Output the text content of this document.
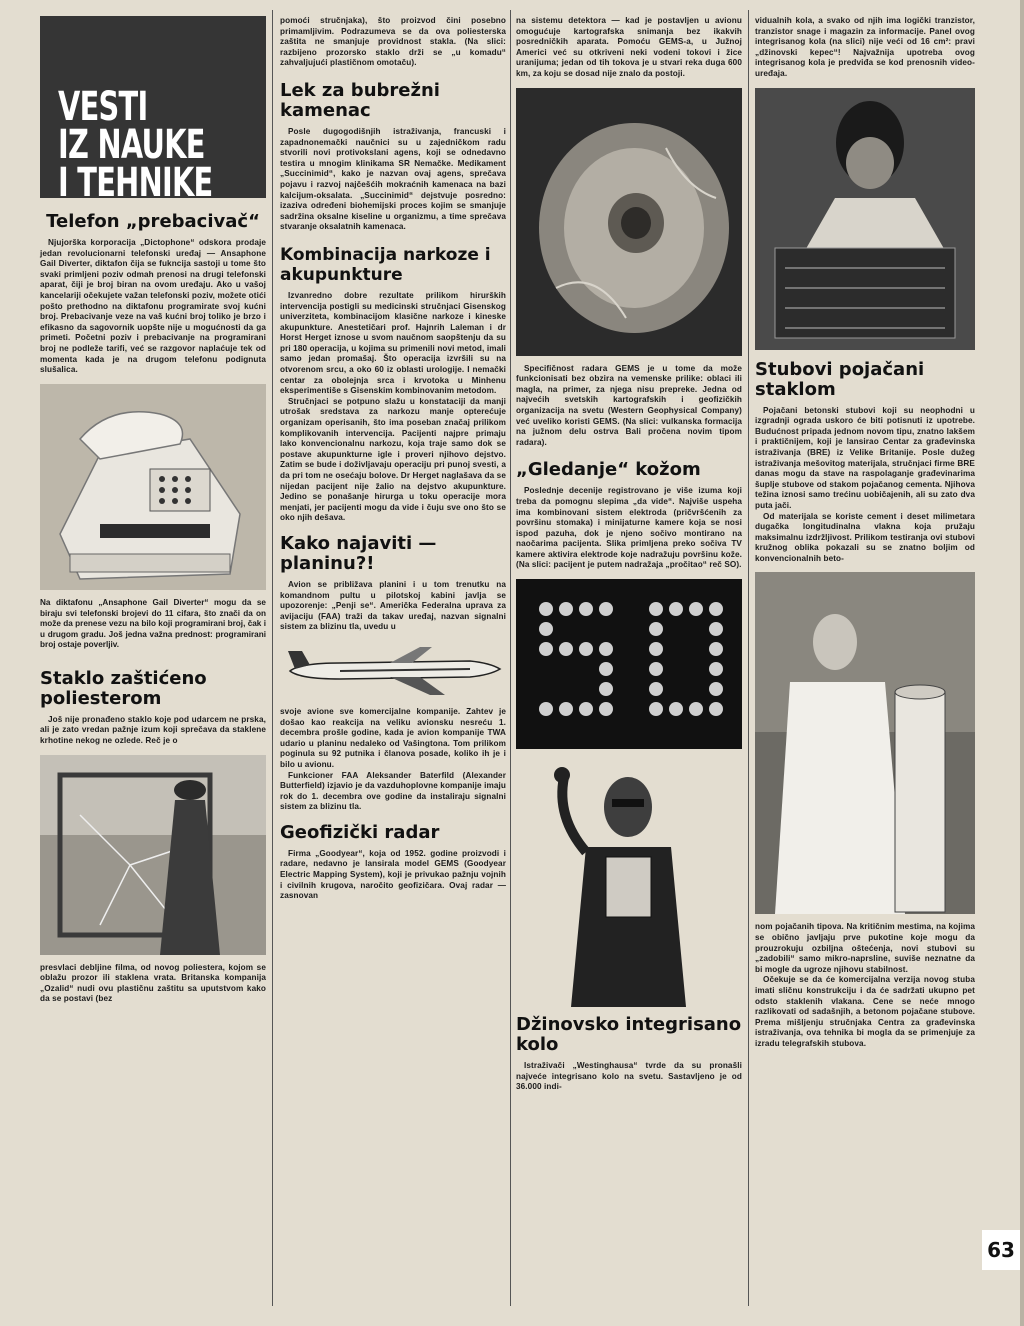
VESTI
IZ NAUKE
I TEHNIKE
Telefon „prebacivač“

Njujorška korporacija „Dictophone“ odskora prodaje jedan revolucionarni telefonski uređaj — Ansaphone Gail Diverter, diktafon čija se fukncija sastoji u tome što svaki primljeni poziv odmah prenosi na drugi telefonski aparat, čiji je broj biran na ovom uređaju. Ako u vašoj kancelariji očekujete važan telefonski poziv, možete otići pošto prethodno na diktafonu programirate svoj kućni broj. Prebacivanje veze na vaš kućni broj toliko je brzo i efikasno da sagovornik uopšte nije u mogućnosti da ga primeti. Početni poziv i prebacivanje na programirani broj ne podleže tarifi, već se razgovor naplaćuje tek od momenta kada je na drugom telefonu podignuta slušalica.

Na diktafonu „Ansaphone Gail Diverter“ mogu da se biraju svi telefonski brojevi do 11 cifara, što znači da on može da prenese vezu na bilo koji programirani broj, čak i u drugom gradu. Još jedna važna prednost: programirani broj ostaje poverljiv.

Staklo zaštićeno poliesterom

Još nije pronađeno staklo koje pod udarcem ne prska, ali je zato vredan pažnje izum koji sprečava da staklene krhotine nekog ne ozlede. Reč je o

presvlaci debljine filma, od novog poliestera, kojom se oblažu prozor ili staklena vrata. Britanska kompanija „Ozalid“ nudi ovu plastičnu zaštitu sa uputstvom kako da se postavi (bez

pomoći stručnjaka), što proizvod čini posebno primamljivim. Podrazumeva se da ova poliesterska zaštita ne smanjuje providnost stakla. (Na slici: razbijeno prozorsko staklo drži se „u komadu“ zahvaljujući plastičnom omotaču).

Lek za bubrežni kamenac

Posle dugogodišnjih istraživanja, francuski i zapadnonemački naučnici su u zajedničkom radu stvorili novi protivokslani agens, koji se odnedavno testira u mnogim klinikama SR Nemačke. Medikament „Succinimid“, kako je nazvan ovaj agens, sprečava pojavu i razvoj najčešćih mokraćnih kamenaca na bazi kalcijum-oksalata. „Succinimid“ dejstvuje posredno: izaziva određeni biohemijski proces kojim se smanjuje sadržina oksalne kiseline u organizmu, a time sprečava stvaranje oksalatnih kamenaca.

Kombinacija narkoze i akupunkture

Izvanredno dobre rezultate prilikom hirurških intervencija postigli su medicinski stručnjaci Gisenskog univerziteta, kombinacijom klasične narkoze i kineske akupunkture. Anestetičari prof. Hajnrih Laleman i dr Horst Herget iznose u svom naučnom saopštenju da su pri 180 operacija, u kojima su primenili novi metod, imali samo jedan promašaj. Što operacija izvršili su na otvorenom srcu, a oko 60 iz oblasti urologije. I nemački centar za obolejnja srca i krvotoka u Minhenu eksperimentiše s Gisenskim kombinovanim metodom.

Stručnjaci se potpuno slažu u konstataciji da manji utrošak sredstava za narkozu manje opterećuje organizam operisanih, što ima poseban značaj prilikom komplikovanih intervencija. Pacijenti najpre primaju lako konvencionalnu narkozu, koja traje samo dok se postave akupunkturne igle i proveri njihovo dejstvo. Zatim se bude i doživljavaju operaciju pri punoj svesti, a da pri tom ne osećaju bolove. Dr Herget naglašava da se nijedan pacijent nije žalio na dejstvo akupunkture. Jedino se ponašanje hirurga u toku operacije mora menjati, jer pacijenti mogu da vide i čuju sve ono što se oko njih dešava.

Kako najaviti — planinu?!

Avion se približava planini i u tom trenutku na komandnom pultu u pilotskoj kabini javlja se upozorenje: „Penji se“. Američka Federalna uprava za avijaciju (FAA) traži da takav uređaj, nazvan signalni sistem za blizinu tla, uvedu u

svoje avione sve komercijalne kompanije. Zahtev je došao kao reakcija na veliku avionsku nesreću 1. decembra prošle godine, kada je avion kompanije TWA udario u planinu nedaleko od Vašingtona. Tom prilikom poginula su 92 putnika i članova posade, koliko ih je i bilo u avionu.

Funkcioner FAA Aleksander Baterfild (Alexander Butterfield) izjavio je da vazduhoplovne kompanije imaju rok do 1. decembra ove godine da instaliraju signalni sistem za blizinu tla.

Geofizički radar

Firma „Goodyear“, koja od 1952. godine proizvodi i radare, nedavno je lansirala model GEMS (Goodyear Electric Mapping System), koji je privukao pažnju vojnih i civilnih krugova, naročito geofizičara. Ovaj radar — zasnovan

na sistemu detektora — kad je postavljen u avionu omogućuje kartografska snimanja bez ikakvih posredničkih aparata. Pomoću GEMS-a, u Južnoj Americi već su otkriveni neki vodeni tokovi i žice uranijuma; jedan od tih tokova je u stvari reka duga 600 km, za koju se dosad nije znalo da postoji.

Specifičnost radara GEMS je u tome da može funkcionisati bez obzira na vemenske prilike: oblaci ili magla, na primer, za njega nisu prepreke. Jedna od najvećih svetskih kartografskih i geofizičkih organizacija na svetu (Western Geophysical Company) već uveliko koristi GEMS. (Na slici: vulkanska formacija na južnom delu ostrva Bali pročena novim tipom radara).

„Gledanje“ kožom

Poslednje decenije registrovano je više izuma koji treba da pomognu slepima „da vide“. Najviše uspeha ima kombinovani sistem elektroda (pričvršćenih za površinu stomaka) i minijaturne kamere koja se nosi ispod pazuha, dok je njeno sočivo montirano na naočarima pacijenta. Slika primljena preko sočiva TV kamere aktivira elektrode koje nadražuju površinu kože. (Na slici: pacijent je putem nadražaja „pročitao“ reč SO).

Džinovsko integrisano kolo

Istraživači „Westinghausa“ tvrde da su pronašli najveće integrisano kolo na svetu. Sastavljeno je od 36.000 indi-

vidualnih kola, a svako od njih ima logički tranzistor, tranzistor snage i magazin za informacije. Panel ovog integrisanog kola (na slici) nije veći od 16 cm²: pravi „džinovski kepec“! Najvažnija upotreba ovog integrisanog kola je predviđa se kod prenosnih video-uređaja.

Stubovi pojačani staklom

Pojačani betonski stubovi koji su neophodni u izgradnji ograda uskoro će biti potisnuti iz upotrebe. Budućnost pripada jednom novom tipu, znatno lakšem i praktičnijem, koji je lansirao Centar za građevinska istraživanja (BRE) iz Velike Britanije. Posle dužeg istraživanja mešovitog materijala, stručnjaci firme BRE danas mogu da stave na raspolaganje građevinarima šuplje stubove od stakom pojačanog cementa. Njihova težina iznosi samo trećinu uobičajenih, ali su zato dva puta jači.

Od materijala se koriste cement i deset milimetara dugačka longitudinalna vlakna koja pružaju maksimalnu izdržljivost. Prilikom testiranja ovi stubovi kružnog oblika pokazali su se znatno boljim od konvencionalnih beto-

nom pojačanih tipova. Na kritičnim mestima, na kojima se obično javljaju prve pukotine koje mogu da prouzrokuju ozbiljna oštećenja, novi stubovi su „zadobili“ samo mikro-naprsline, suviše neznatne da bi mogle da ugroze njihovu stabilnost.

Očekuje se da će komercijalna verzija novog stuba imati sličnu konstrukciju i da će sadržati ukupno pet odsto staklenih vlakana. Cene se neće mnogo razlikovati od sadašnjih, a betonom pojačane stubove. Prema mišljenju stručnjaka Centra za građevinska istraživanja, ova tehnika bi mogla da se primenjuje za izradu telegrafskih stubova.

63
